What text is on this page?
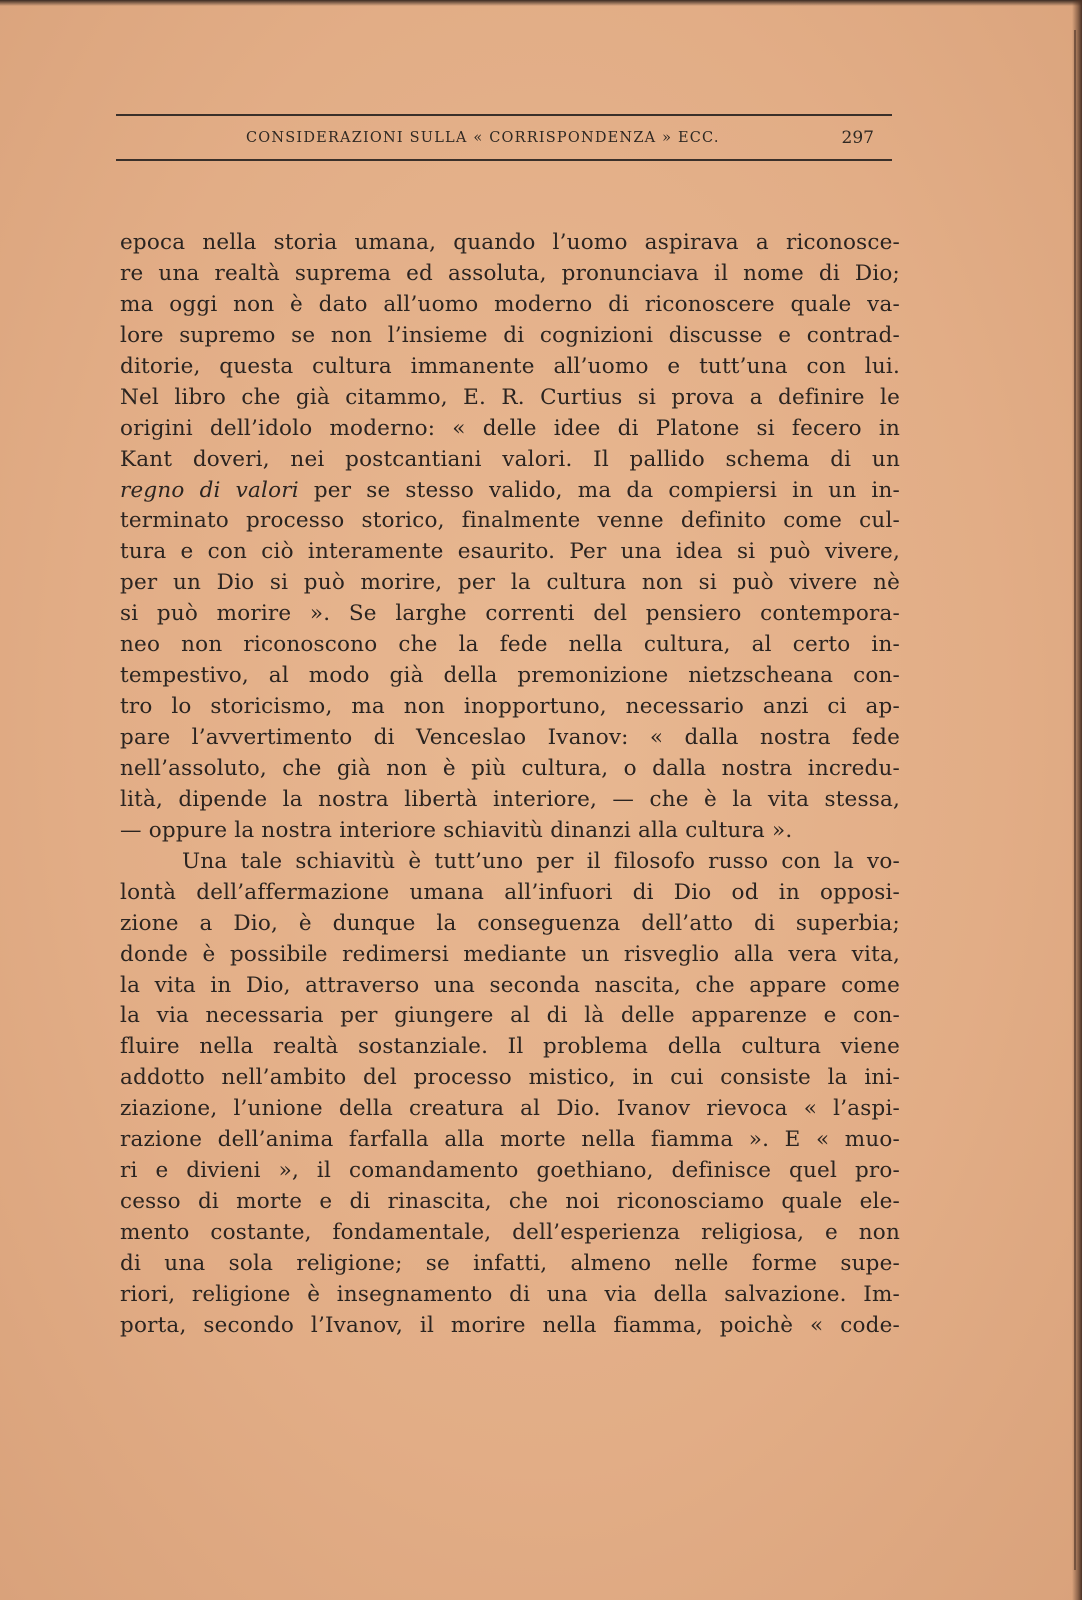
CONSIDERAZIONI SULLA « CORRISPONDENZA » ECC.	297
epoca nella storia umana, quando l’uomo aspirava a riconosce-
re una realtà suprema ed assoluta, pronunciava il nome di Dio;
ma oggi non è dato all’uomo moderno di riconoscere quale va-
lore supremo se non l’insieme di cognizioni discusse e contrad-
ditorie, questa cultura immanente all’uomo e tutt’una con lui.
Nel libro che già citammo, E. R. Curtius si prova a definire le
origini dell’idolo moderno: « delle idee di Platone si fecero in
Kant doveri, nei postcantiani valori. Il pallido schema di un
regno di valori per se stesso valido, ma da compiersi in un in-
terminato processo storico, finalmente venne definito come cul-
tura e con ciò interamente esaurito. Per una idea si può vivere,
per un Dio si può morire, per la cultura non si può vivere nè
si può morire ». Se larghe correnti del pensiero contempora-
neo non riconoscono che la fede nella cultura, al certo in-
tempestivo, al modo già della premonizione nietzscheana con-
tro lo storicismo, ma non inopportuno, necessario anzi ci ap-
pare l’avvertimento di Venceslao Ivanov: « dalla nostra fede
nell’assoluto, che già non è più cultura, o dalla nostra incredu-
lità, dipende la nostra libertà interiore, — che è la vita stessa,
— oppure la nostra interiore schiavitù dinanzi alla cultura ».
Una tale schiavitù è tutt’uno per il filosofo russo con la vo-
lontà dell’affermazione umana all’infuori di Dio od in opposi-
zione a Dio, è dunque la conseguenza dell’atto di superbia;
donde è possibile redimersi mediante un risveglio alla vera vita,
la vita in Dio, attraverso una seconda nascita, che appare come
la via necessaria per giungere al di là delle apparenze e con-
fluire nella realtà sostanziale. Il problema della cultura viene
addotto nell’ambito del processo mistico, in cui consiste la ini-
ziazione, l’unione della creatura al Dio. Ivanov rievoca « l’aspi-
razione dell’anima farfalla alla morte nella fiamma ». E « muo-
ri e divieni », il comandamento goethiano, definisce quel pro-
cesso di morte e di rinascita, che noi riconosciamo quale ele-
mento costante, fondamentale, dell’esperienza religiosa, e non
di una sola religione; se infatti, almeno nelle forme supe-
riori, religione è insegnamento di una via della salvazione. Im-
porta, secondo l’Ivanov, il morire nella fiamma, poichè « code-
